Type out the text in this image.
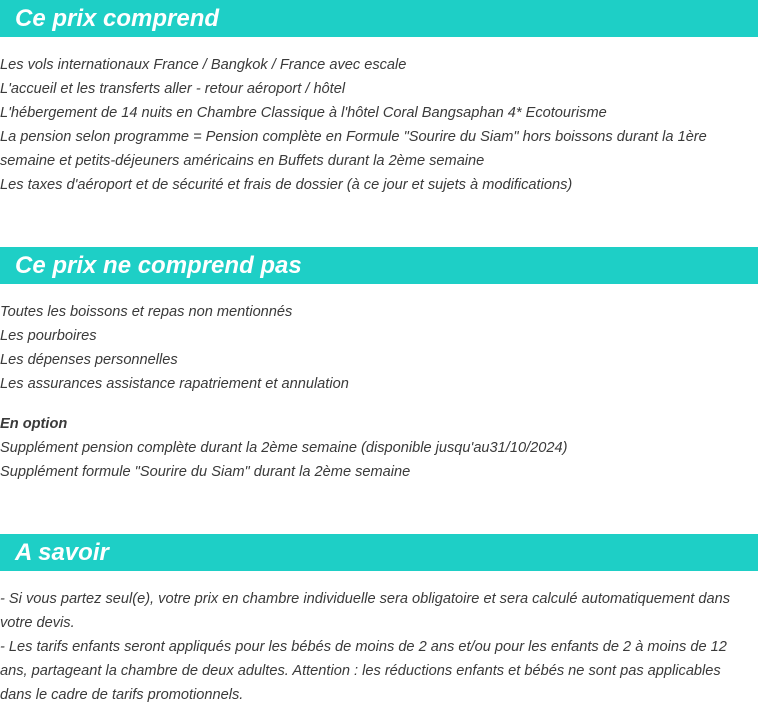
Ce prix comprend
Les vols internationaux France / Bangkok / France avec escale
L'accueil et les transferts aller - retour aéroport / hôtel
L'hébergement de 14 nuits en Chambre Classique à l'hôtel Coral Bangsaphan 4* Ecotourisme
La pension selon programme = Pension complète en Formule "Sourire du Siam" hors boissons durant la 1ère semaine et petits-déjeuners américains en Buffets durant la 2ème semaine
Les taxes d'aéroport et de sécurité et frais de dossier (à ce jour et sujets à modifications)
Ce prix ne comprend pas
Toutes les boissons et repas non mentionnés
Les pourboires
Les dépenses personnelles
Les assurances assistance rapatriement et annulation
En option
Supplément pension complète durant la 2ème semaine (disponible jusqu'au31/10/2024)
Supplément formule "Sourire du Siam" durant la 2ème semaine
A savoir
- Si vous partez seul(e), votre prix en chambre individuelle sera obligatoire et sera calculé automatiquement dans votre devis.
- Les tarifs enfants seront appliqués pour les bébés de moins de 2 ans et/ou pour les enfants de 2 à moins de 12 ans, partageant la chambre de deux adultes. Attention : les réductions enfants et bébés ne sont pas applicables dans le cadre de tarifs promotionnels.
